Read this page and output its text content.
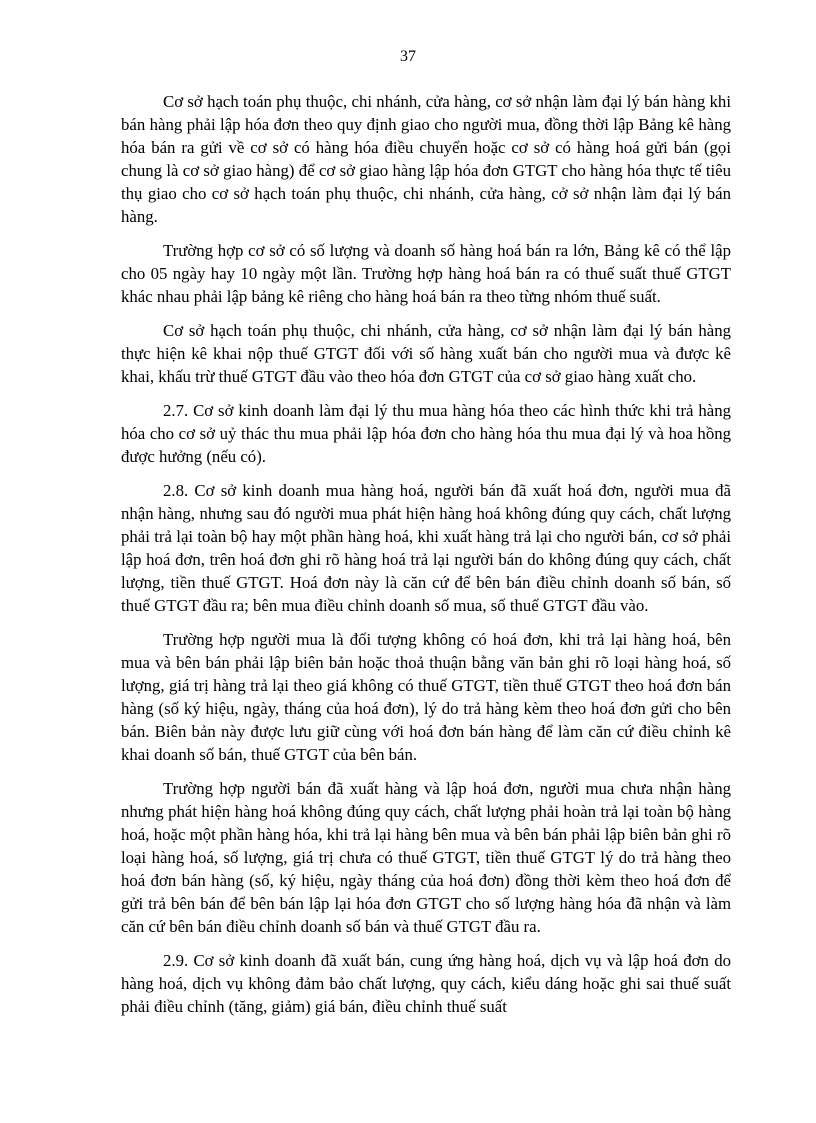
37

Cơ sở hạch toán phụ thuộc, chi nhánh, cửa hàng, cơ sở nhận làm đại lý bán hàng khi bán hàng phải lập hóa đơn theo quy định giao cho người mua, đồng thời lập Bảng kê hàng hóa bán ra gửi về cơ sở có hàng hóa điều chuyển hoặc cơ sở có hàng hoá gửi bán (gọi chung là cơ sở giao hàng) để cơ sở giao hàng lập hóa đơn GTGT cho hàng hóa thực tế tiêu thụ giao cho cơ sở hạch toán phụ thuộc, chi nhánh, cửa hàng, cở sở nhận làm đại lý bán hàng.

Trường hợp cơ sở có số lượng và doanh số hàng hoá bán ra lớn, Bảng kê có thể lập cho 05 ngày hay 10 ngày một lần. Trường hợp hàng hoá bán ra có thuế suất thuế GTGT khác nhau phải lập bảng kê riêng cho hàng hoá bán ra theo từng nhóm thuế suất.

Cơ sở hạch toán phụ thuộc, chi nhánh, cửa hàng, cơ sở nhận làm đại lý bán hàng thực hiện kê khai nộp thuế GTGT đối với số hàng xuất bán cho người mua và được kê khai, khấu trừ thuế GTGT đầu vào theo hóa đơn GTGT của cơ sở giao hàng xuất cho.

2.7. Cơ sở kinh doanh làm đại lý thu mua hàng hóa theo các hình thức khi trả hàng hóa cho cơ sở uỷ thác thu mua phải lập hóa đơn cho hàng hóa thu mua đại lý và hoa hồng được hưởng (nếu có).

2.8. Cơ sở kinh doanh mua hàng hoá, người bán đã xuất hoá đơn, người mua đã nhận hàng, nhưng sau đó người mua phát hiện hàng hoá không đúng quy cách, chất lượng phải trả lại toàn bộ hay một phần hàng hoá, khi xuất hàng trả lại cho người bán, cơ sở phải lập hoá đơn, trên hoá đơn ghi rõ hàng hoá trả lại người bán do không đúng quy cách, chất lượng, tiền thuế GTGT. Hoá đơn này là căn cứ để bên bán điều chỉnh doanh số bán, số thuế GTGT đầu ra; bên mua điều chỉnh doanh số mua, số thuế GTGT đầu vào.

Trường hợp người mua là đối tượng không có hoá đơn, khi trả lại hàng hoá, bên mua và bên bán phải lập biên bản hoặc thoả thuận bằng văn bản ghi rõ loại hàng hoá, số lượng, giá trị hàng trả lại theo giá không có thuế GTGT, tiền thuế GTGT theo hoá đơn bán hàng (số ký hiệu, ngày, tháng của hoá đơn), lý do trả hàng kèm theo hoá đơn gửi cho bên bán. Biên bản này được lưu giữ cùng với hoá đơn bán hàng để làm căn cứ điều chỉnh kê khai doanh số bán, thuế GTGT của bên bán.

Trường hợp người bán đã xuất hàng và lập hoá đơn, người mua chưa nhận hàng nhưng phát hiện hàng hoá không đúng quy cách, chất lượng phải hoàn trả lại toàn bộ hàng hoá, hoặc một phần hàng hóa, khi trả lại hàng bên mua và bên bán phải lập biên bản ghi rõ loại hàng hoá, số lượng, giá trị chưa có thuế GTGT, tiền thuế GTGT lý do trả hàng theo hoá đơn bán hàng (số, ký hiệu, ngày tháng của hoá đơn) đồng thời kèm theo hoá đơn để gửi trả bên bán để bên bán lập lại hóa đơn GTGT cho số lượng hàng hóa đã nhận và làm căn cứ bên bán điều chỉnh doanh số bán và thuế GTGT đầu ra.

2.9. Cơ sở kinh doanh đã xuất bán, cung ứng hàng hoá, dịch vụ và lập hoá đơn do hàng hoá, dịch vụ không đảm bảo chất lượng, quy cách, kiểu dáng hoặc ghi sai thuế suất phải điều chỉnh (tăng, giảm) giá bán, điều chỉnh thuế suất
